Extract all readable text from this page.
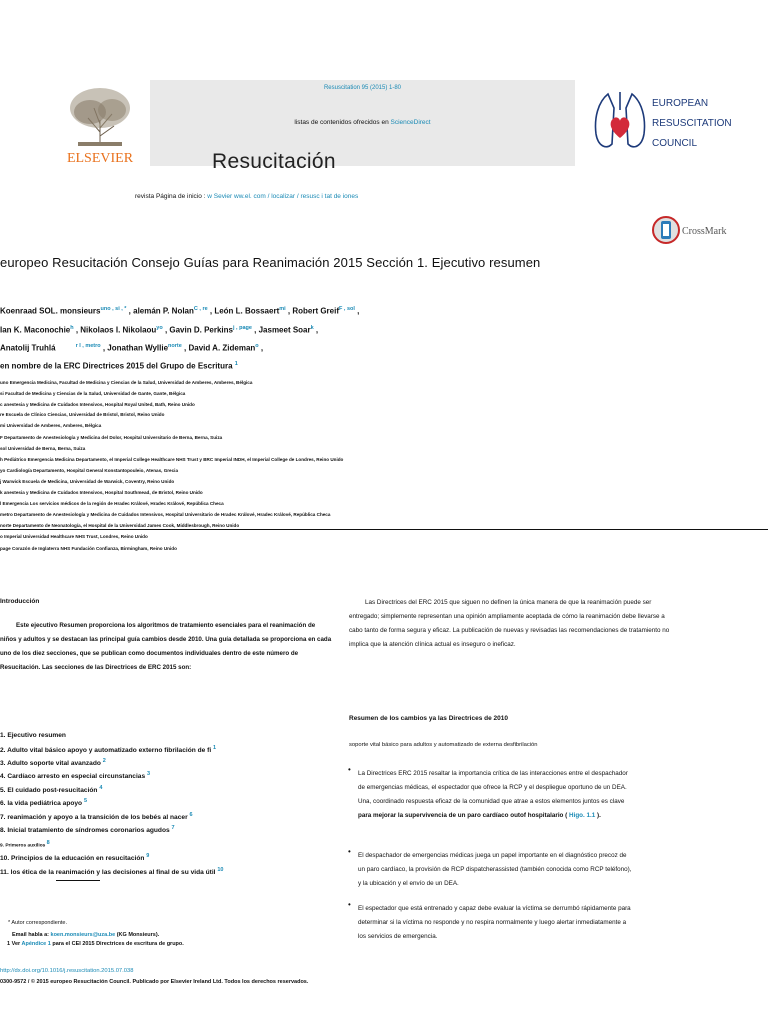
ELSEVIER
Resuscitation 95 (2015) 1-80
listas de contenidos ofrecidos en ScienceDirect
Resucitación
EUROPEAN
RESUSCITATION
COUNCIL
revista Página de inicio : w Sevier ww.el. com / localizar / resusc i tat de iones
CrossMark
europeo Resucitación Consejo Guías para Reanimación 2015 Sección 1. Ejecutivo resumen
Koenraad SOL. monsieurs$^{uno , si , *}$ , alemán P. Nolan$^{C , re}$ , León L. Bossaert$^{mi}$ , Robert Greif$^{F , sol}$ ,
Ian K. Maconochie$^h$ , Nikolaos I. Nikolaou$^{yo}$ , Gavin D. Perkins$^{j , page}$ , Jasmeet Soar$^k$ ,
Anatolij Truhlá	$^{r l , metro}$ , Jonathan Wyllie$^{norte}$ , David A. Zideman$^o$ ,
en nombre de la ERC Directrices 2015 del Grupo de Escritura $^1$
uno Emergencia Medicina, Facultad de Medicina y Ciencias de la Salud, Universidad de Amberes, Amberes, Bélgica
si Facultad de Medicina y Ciencias de la Salud, Universidad de Gante, Gante, Bélgica
c anestesia y Medicina de Cuidados Intensivos, Hospital Royal United, Bath, Reino Unido
re Escuela de Clínico Ciencias, Universidad de Bristol, Bristol, Reino Unido
mi Universidad de Amberes, Amberes, Bélgica
F Departamento de Anestesiología y Medicina del Dolor, Hospital Universitario de Berna, Berna, Suiza
sol Universidad de Berna, Berna, Suiza
h Pediátrico Emergencia Medicina Departamento, el Imperial College Healthcare NHS Trust y BRC Imperial INDH, el Imperial College de Londres, Reino Unido
yo Cardiología Departamento, Hospital General Konstantopouleio, Atenas, Grecia
j Warwick Escuela de Medicina, Universidad de Warwick, Coventry, Reino Unido
k anestesia y Medicina de Cuidados Intensivos, Hospital Southmead, de Bristol, Reino Unido
l Emergencia Los servicios médicos de la región de Hradec Králové, Hradec Králové, República Checa
metro Departamento de Anestesiología y Medicina de Cuidados Intensivos, Hospital Universitario de Hradec Králové, Hradec Králové, República Checa
norte Departamento de Neonatología, el Hospital de la Universidad James Cook, Middlesbrough, Reino Unido
o Imperial Universidad Healthcare NHS Trust, Londres, Reino Unido
page Corazón de Inglaterra NHS Fundación Confianza, Birmingham, Reino Unido
Introducción
Este ejecutivo Resumen proporciona los algoritmos de tratamiento esenciales para el reanimación de niños y adultos y se destacan las principal guía cambios desde 2010. Una guía detallada se proporciona en cada uno de los diez secciones, que se publican como documentos individuales dentro de este número de Resucitación. Las secciones de las Directrices de ERC 2015 son:
1. Ejecutivo resumen
2. Adulto vital básico apoyo y automatizado externo fibrilación de fi $^1$
3. Adulto soporte vital avanzado $^2$
4. Cardíaco arresto en especial circunstancias $^3$
5. El cuidado post-resucitación $^4$
6. la vida pediátrica apoyo $^5$
7. reanimación y apoyo a la transición de los bebés al nacer $^6$
8. Inicial tratamiento de síndromes coronarios agudos $^7$
9. Primeros auxilios $^8$
10. Principios de la educación en resucitación $^9$
11. los ética de la reanimación y las decisiones al final de su vida útil $^{10}$
* Autor correspondiente.
Email habla a: koen.monsieurs@uza.be (KG Monsieurs).
1 Ver Apéndice 1 para el CEI 2015 Directrices de escritura de grupo.
http://dx.doi.org/10.1016/j.resuscitation.2015.07.038
0300-9572 / © 2015 europeo Resucitación Council. Publicado por Elsevier Ireland Ltd. Todos los derechos reservados.
Las Directrices del ERC 2015 que siguen no definen la única manera de que la reanimación puede ser entregado; simplemente representan una opinión ampliamente aceptada de cómo la reanimación debe llevarse a cabo tanto de forma segura y eficaz. La publicación de nuevas y revisadas las recomendaciones de tratamiento no implica que la atención clínica actual es inseguro o ineficaz.
Resumen de los cambios ya las Directrices de 2010
soporte vital básico para adultos y automatizado de externa desfibrilación
• La Directrices ERC 2015 resaltar la importancia crítica de las interacciones entre el despachador
de emergencias médicas, el espectador que ofrece la RCP y el despliegue oportuno de un DEA.
Una, coordinado respuesta eficaz de la comunidad que atrae a estos elementos juntos es clave
para mejorar la supervivencia de un paro cardíaco outof hospitalario ( Higo. 1.1 ).
• El despachador de emergencias médicas juega un papel importante en el diagnóstico precoz de
un paro cardíaco, la provisión de RCP dispatcherassisted (también conocida como RCP teléfono),
y la ubicación y el envío de un DEA.
• El espectador que está entrenado y capaz debe evaluar la víctima se derrumbó rápidamente para
determinar si la víctima no responde y no respira normalmente y luego alertar inmediatamente a
los servicios de emergencia.
